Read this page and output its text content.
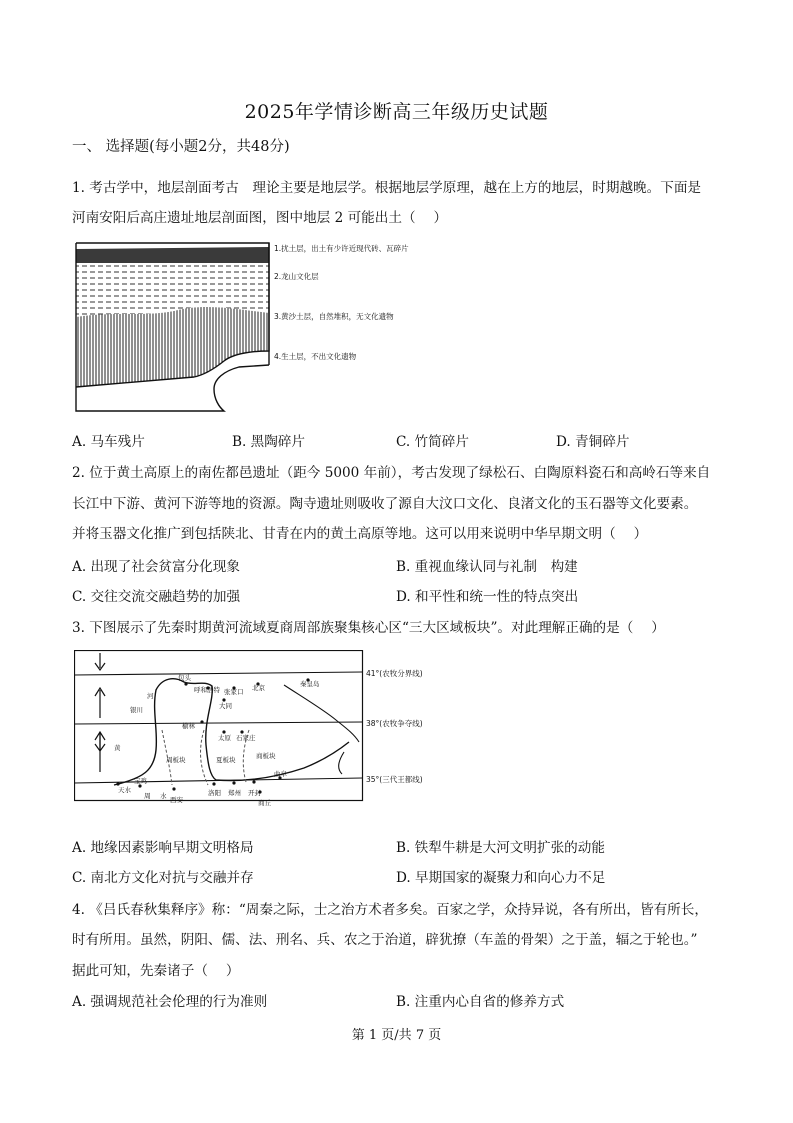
2025年学情诊断高三年级历史试题
一、 选择题(每小题2分，共48分)
1. 考古学中，地层剖面考古　理论主要是地层学。根据地层学原理，越在上方的地层，时期越晚。下面是
河南安阳后高庄遗址地层剖面图，图中地层 2 可能出土（　 ）
1.扰土层，出土有少许近现代砖、瓦碎片
2.龙山文化层
3.黄沙土层，自然堆积，无文化遗物
4.生土层，不出文化遗物
A. 马车残片	B. 黑陶碎片	C. 竹简碎片	D. 青铜碎片
2. 位于黄土高原上的南佐都邑遗址（距今 5000 年前），考古发现了绿松石、白陶原料瓷石和高岭石等来自
长江中下游、黄河下游等地的资源。陶寺遗址则吸收了源自大汶口文化、良渚文化的玉石器等文化要素。
并将玉器文化推广到包括陕北、甘青在内的黄土高原等地。这可以用来说明中华早期文明（　 ）
A. 出现了社会贫富分化现象	B. 重视血缘认同与礼制　构建
C. 交往交流交融趋势的加强	D. 和平性和统一性的特点突出
3. 下图展示了先秦时期黄河流域夏商周部族聚集核心区“三大区域板块”。对此理解正确的是（　 ）
包头
呼和浩特 张家口 北京	秦皇岛
大同
河
银川
榆林
太原 石家庄
黄
周板块	夏板块	商板块
曲阜
天水
宝鸡
周 水 西安
洛阳 郑州 开封
商丘
41°(农牧分界线)
38°(农牧争夺线)
35°(三代王都线)
A. 地缘因素影响早期文明格局	B. 铁犁牛耕是大河文明扩张的动能
C. 南北方文化对抗与交融并存	D. 早期国家的凝聚力和向心力不足
4. 《吕氏春秋集释序》称：“周秦之际，士之治方术者多矣。百家之学，众持异说，各有所出，皆有所长，
时有所用。虽然，阴阳、儒、法、刑名、兵、农之于治道，辟犹撩（车盖的骨架）之于盖，辐之于轮也。”
据此可知，先秦诸子（　 ）
A. 强调规范社会伦理的行为准则	B. 注重内心自省的修养方式
第 1 页/共 7 页
